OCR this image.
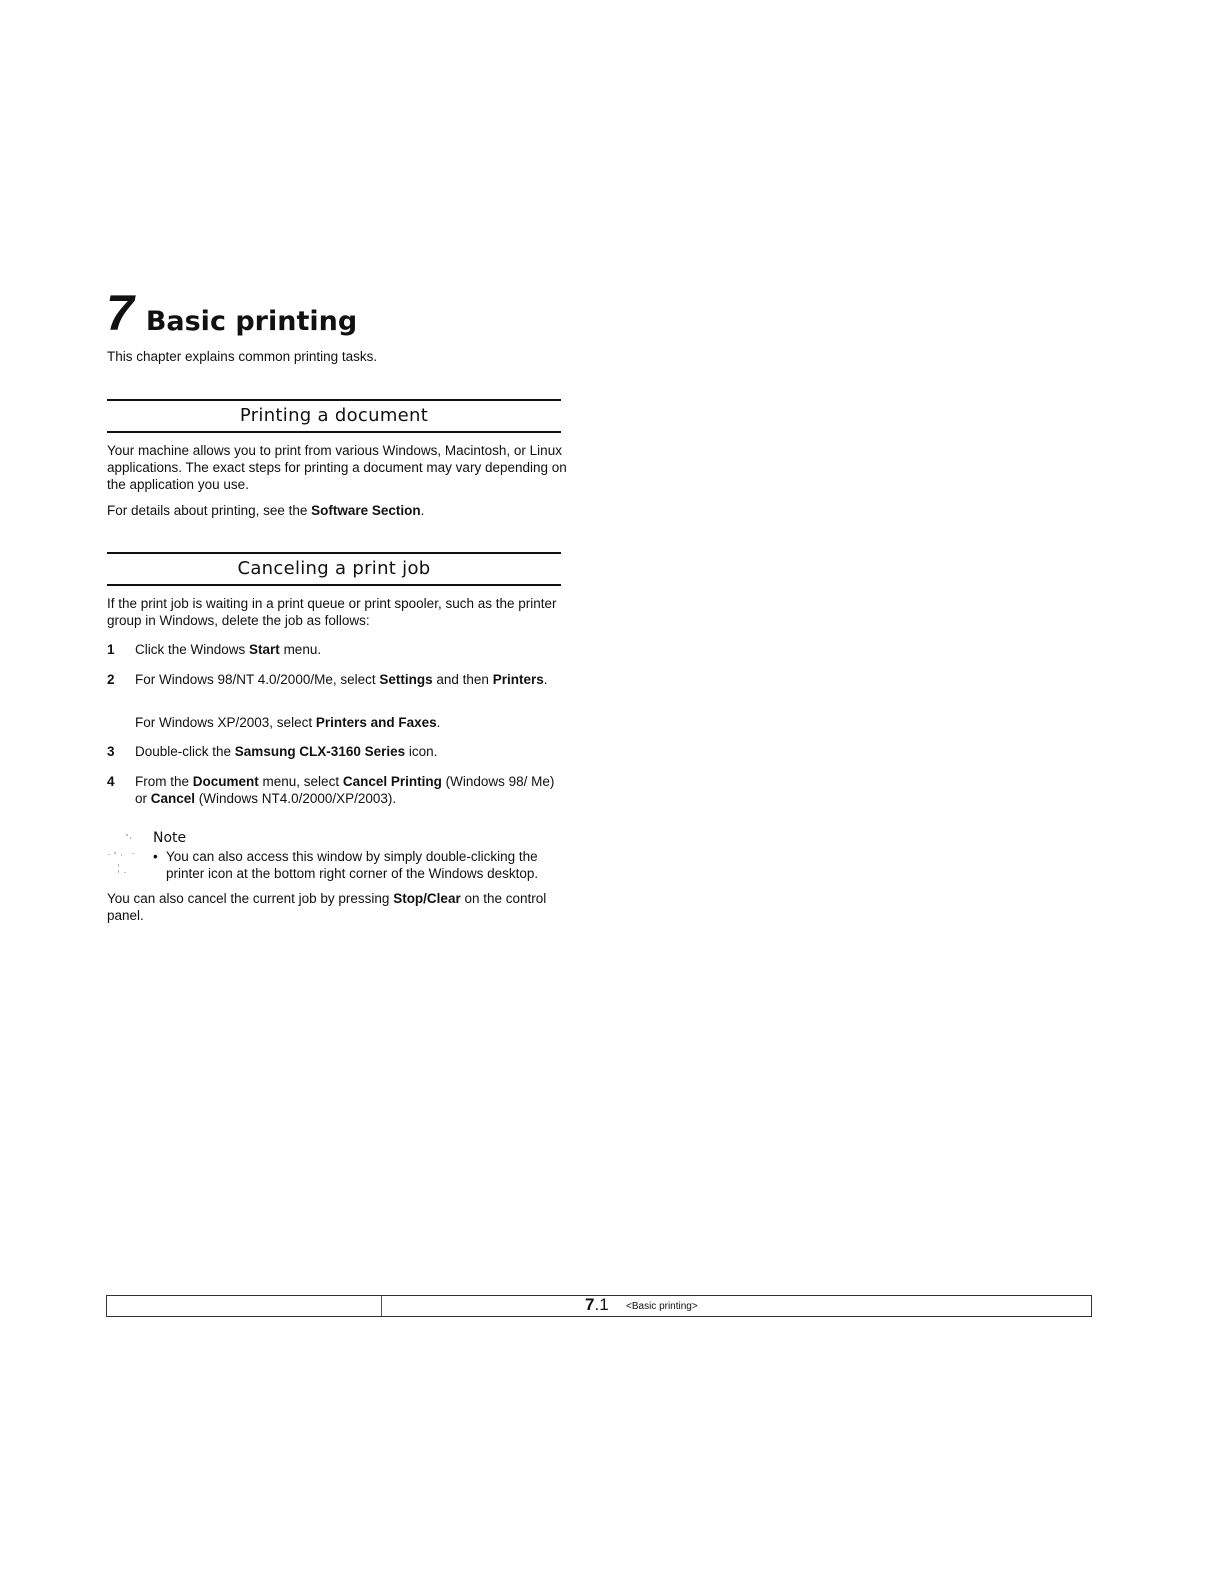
7 Basic printing

This chapter explains common printing tasks.

Printing a document

Your machine allows you to print from various Windows, Macintosh, or Linux applications. The exact steps for printing a document may vary depending on the application you use.

For details about printing, see the Software Section.

Canceling a print job

If the print job is waiting in a print queue or print spooler, such as the printer group in Windows, delete the job as follows:

1 Click the Windows Start menu.
2 For Windows 98/NT 4.0/2000/Me, select Settings and then Printers.
For Windows XP/2003, select Printers and Faxes.
3 Double-click the Samsung CLX-3160 Series icon.
4 From the Document menu, select Cancel Printing (Windows 98/ Me) or Cancel (Windows NT4.0/2000/XP/2003).
Note
• You can also access this window by simply double-clicking the printer icon at the bottom right corner of the Windows desktop.

You can also cancel the current job by pressing Stop/Clear on the control panel.

7.1 <Basic printing>
